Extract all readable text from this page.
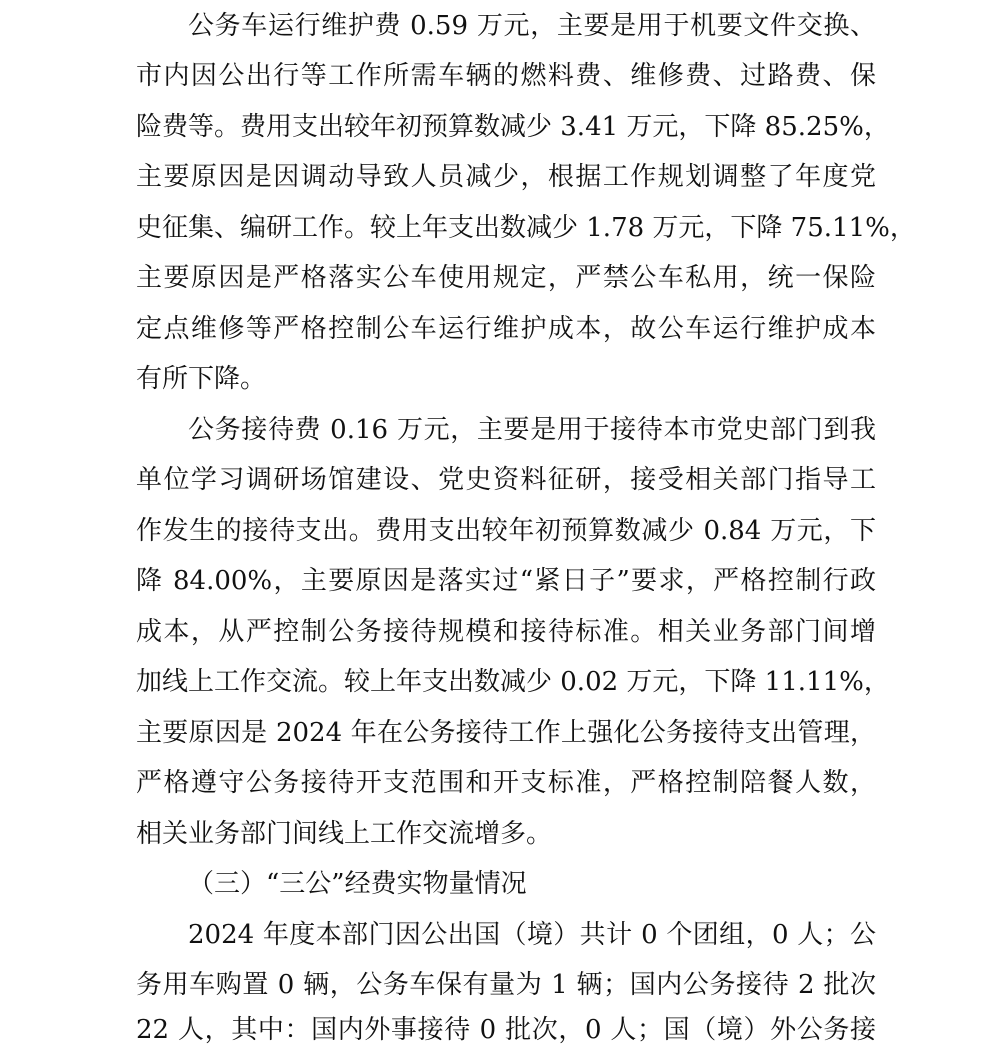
公务车运行维护费 0.59 万元，主要是用于机要文件交换、
市内因公出行等工作所需车辆的燃料费、维修费、过路费、保
险费等。费用支出较年初预算数减少 3.41 万元，下降 85.25%，
主要原因是因调动导致人员减少，根据工作规划调整了年度党
史征集、编研工作。较上年支出数减少 1.78 万元，下降 75.11%，
主要原因是严格落实公车使用规定，严禁公车私用，统一保险
定点维修等严格控制公车运行维护成本，故公车运行维护成本
有所下降。
公务接待费 0.16 万元，主要是用于接待本市党史部门到我
单位学习调研场馆建设、党史资料征研，接受相关部门指导工
作发生的接待支出。费用支出较年初预算数减少 0.84 万元，下
降 84.00%，主要原因是落实过“紧日子”要求，严格控制行政
成本，从严控制公务接待规模和接待标准。相关业务部门间增
加线上工作交流。较上年支出数减少 0.02 万元，下降 11.11%，
主要原因是 2024 年在公务接待工作上强化公务接待支出管理，
严格遵守公务接待开支范围和开支标准，严格控制陪餐人数，
相关业务部门间线上工作交流增多。
（三）“三公”经费实物量情况
2024 年度本部门因公出国（境）共计 0 个团组，0 人；公
务用车购置 0 辆，公务车保有量为 1 辆；国内公务接待 2 批次
22 人，其中：国内外事接待 0 批次，0 人；国（境）外公务接
